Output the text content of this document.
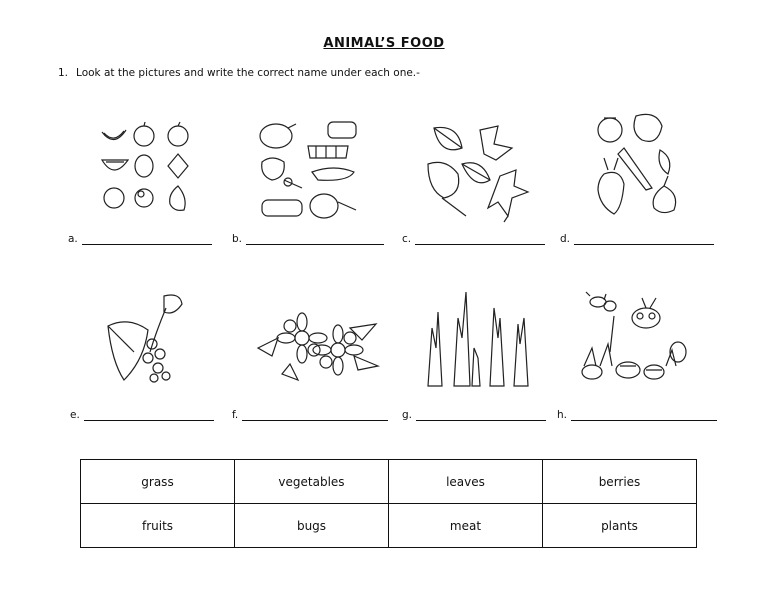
ANIMAL’S FOOD
1. Look at the pictures and write the correct name under each one.-
a.	b.	c.	d.
e.	f.	g.	h.
grass	vegetables	leaves	berries
fruits	bugs	meat	plants
